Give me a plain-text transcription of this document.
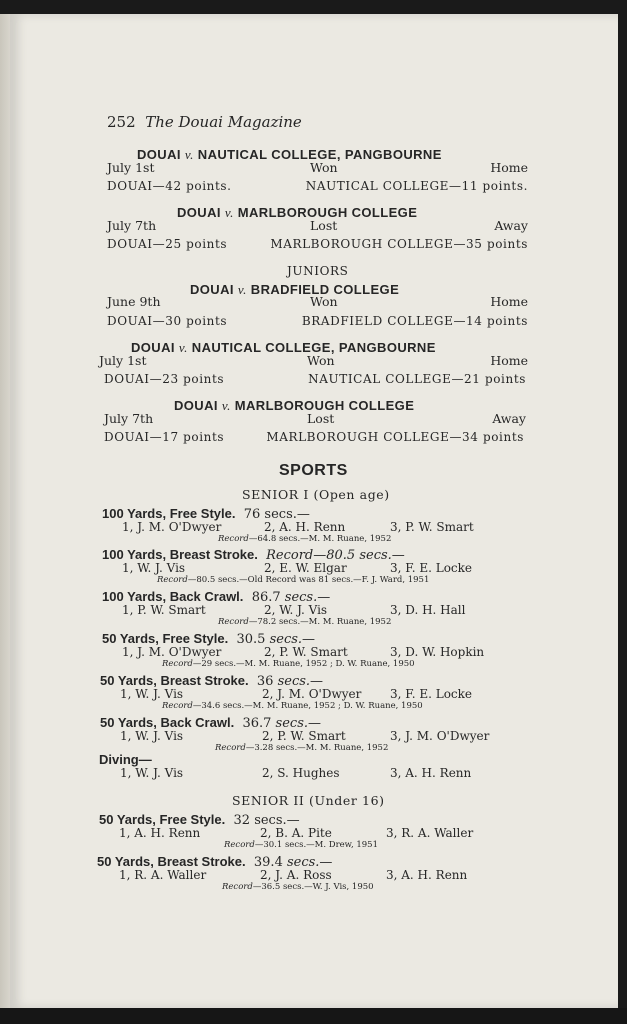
252 The Douai Magazine
DOUAI v. NAUTICAL COLLEGE, PANGBOURNE
July 1st	Won	Home
DOUAI—42 points.	NAUTICAL COLLEGE—11 points.
DOUAI v. MARLBOROUGH COLLEGE
July 7th	Lost	Away
DOUAI—25 points	MARLBOROUGH COLLEGE—35 points
JUNIORS
DOUAI v. BRADFIELD COLLEGE
June 9th	Won	Home
DOUAI—30 points	BRADFIELD COLLEGE—14 points
DOUAI v. NAUTICAL COLLEGE, PANGBOURNE
July 1st	Won	Home
DOUAI—23 points	NAUTICAL COLLEGE—21 points
DOUAI v. MARLBOROUGH COLLEGE
July 7th	Lost	Away
DOUAI—17 points	MARLBOROUGH COLLEGE—34 points
SPORTS
SENIOR I (Open age)
100 Yards, Free Style. 76 secs.—
1, J. M. O'Dwyer	2, A. H. Renn	3, P. W. Smart
Record—64.8 secs.—M. M. Ruane, 1952
100 Yards, Breast Stroke. Record—80.5 secs.—
1, W. J. Vis	2, E. W. Elgar	3, F. E. Locke
Record—80.5 secs.—Old Record was 81 secs.—F. J. Ward, 1951
100 Yards, Back Crawl. 86.7 secs.—
1, P. W. Smart	2, W. J. Vis	3, D. H. Hall
Record—78.2 secs.—M. M. Ruane, 1952
50 Yards, Free Style. 30.5 secs.—
1, J. M. O'Dwyer	2, P. W. Smart	3, D. W. Hopkin
Record—29 secs.—M. M. Ruane, 1952 ; D. W. Ruane, 1950
50 Yards, Breast Stroke. 36 secs.—
1, W. J. Vis	2, J. M. O'Dwyer 3, F. E. Locke
Record—34.6 secs.—M. M. Ruane, 1952 ; D. W. Ruane, 1950
50 Yards, Back Crawl. 36.7 secs.—
1, W. J. Vis	2, P. W. Smart	3, J. M. O'Dwyer
Record—3.28 secs.—M. M. Ruane, 1952
Diving—
1, W. J. Vis	2, S. Hughes	3, A. H. Renn
SENIOR II (Under 16)
50 Yards, Free Style. 32 secs.—
1, A. H. Renn	2, B. A. Pite	3, R. A. Waller
Record—30.1 secs.—M. Drew, 1951
50 Yards, Breast Stroke. 39.4 secs.—
1, R. A. Waller	2, J. A. Ross	3, A. H. Renn
Record—36.5 secs.—W. J. Vis, 1950
